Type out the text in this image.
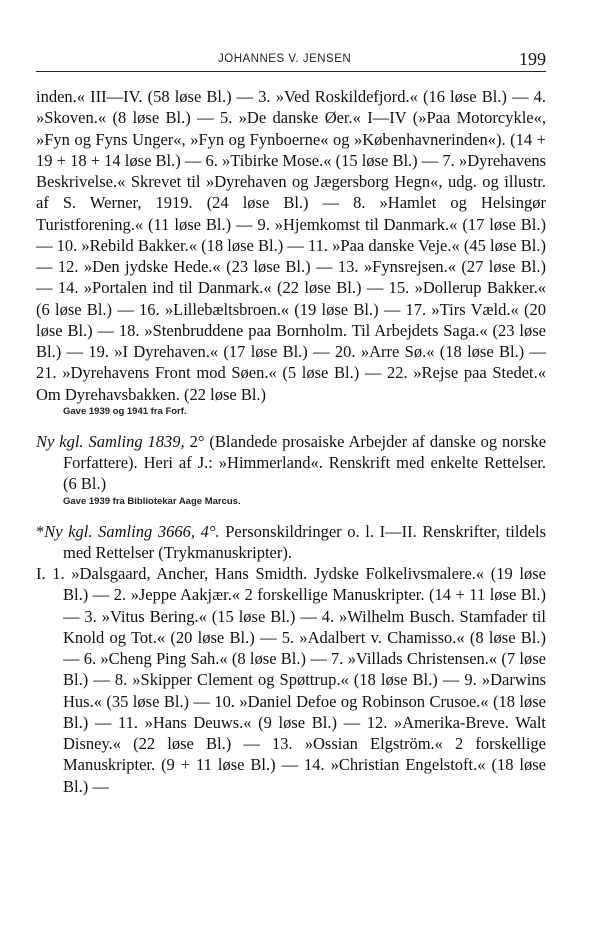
JOHANNES V. JENSEN	199

inden.« III—IV. (58 løse Bl.) — 3. »Ved Roskildefjord.« (16 løse Bl.) — 4. »Skoven.« (8 løse Bl.) — 5. »De danske Øer.« I—IV (»Paa Motorcykle«, »Fyn og Fyns Unger«, »Fyn og Fynboerne« og »Københavnerinden«). (14 + 19 + 18 + 14 løse Bl.) — 6. »Tibirke Mose.« (15 løse Bl.) — 7. »Dyrehavens Beskrivelse.« Skrevet til »Dyrehaven og Jægersborg Hegn«, udg. og illustr. af S. Werner, 1919. (24 løse Bl.) — 8. »Hamlet og Helsingør Turistforening.« (11 løse Bl.) — 9. »Hjemkomst til Danmark.« (17 løse Bl.) — 10. »Rebild Bakker.« (18 løse Bl.) — 11. »Paa danske Veje.« (45 løse Bl.) — 12. »Den jydske Hede.« (23 løse Bl.) — 13. »Fynsrejsen.« (27 løse Bl.) — 14. »Portalen ind til Danmark.« (22 løse Bl.) — 15. »Dollerup Bakker.« (6 løse Bl.) — 16. »Lillebæltsbroen.« (19 løse Bl.) — 17. »Tirs Væld.« (20 løse Bl.) — 18. »Stenbruddene paa Bornholm. Til Arbejdets Saga.« (23 løse Bl.) — 19. »I Dyrehaven.« (17 løse Bl.) — 20. »Arre Sø.« (18 løse Bl.) — 21. »Dyrehavens Front mod Søen.« (5 løse Bl.) — 22. »Rejse paa Stedet.« Om Dyrehavsbakken. (22 løse Bl.)

Gave 1939 og 1941 fra Forf.

Ny kgl. Samling 1839, 2° (Blandede prosaiske Arbejder af danske og norske Forfattere). Heri af J.: »Himmerland«. Renskrift med enkelte Rettelser. (6 Bl.)

Gave 1939 fra Bibliotekar Aage Marcus.

*Ny kgl. Samling 3666, 4°. Personskildringer o. l. I—II. Renskrifter, tildels med Rettelser (Trykmanuskripter).

I. 1. »Dalsgaard, Ancher, Hans Smidth. Jydske Folkelivsmalere.« (19 løse Bl.) — 2. »Jeppe Aakjær.« 2 forskellige Manuskripter. (14 + 11 løse Bl.) — 3. »Vitus Bering.« (15 løse Bl.) — 4. »Wilhelm Busch. Stamfader til Knold og Tot.« (20 løse Bl.) — 5. »Adalbert v. Chamisso.« (8 løse Bl.) — 6. »Cheng Ping Sah.« (8 løse Bl.) — 7. »Villads Christensen.« (7 løse Bl.) — 8. »Skipper Clement og Spøttrup.« (18 løse Bl.) — 9. »Darwins Hus.« (35 løse Bl.) — 10. »Daniel Defoe og Robinson Crusoe.« (18 løse Bl.) — 11. »Hans Deuws.« (9 løse Bl.) — 12. »Amerika-Breve. Walt Disney.« (22 løse Bl.) — 13. »Ossian Elgström.« 2 forskellige Manuskripter. (9 + 11 løse Bl.) — 14. »Christian Engelstoft.« (18 løse Bl.) —
